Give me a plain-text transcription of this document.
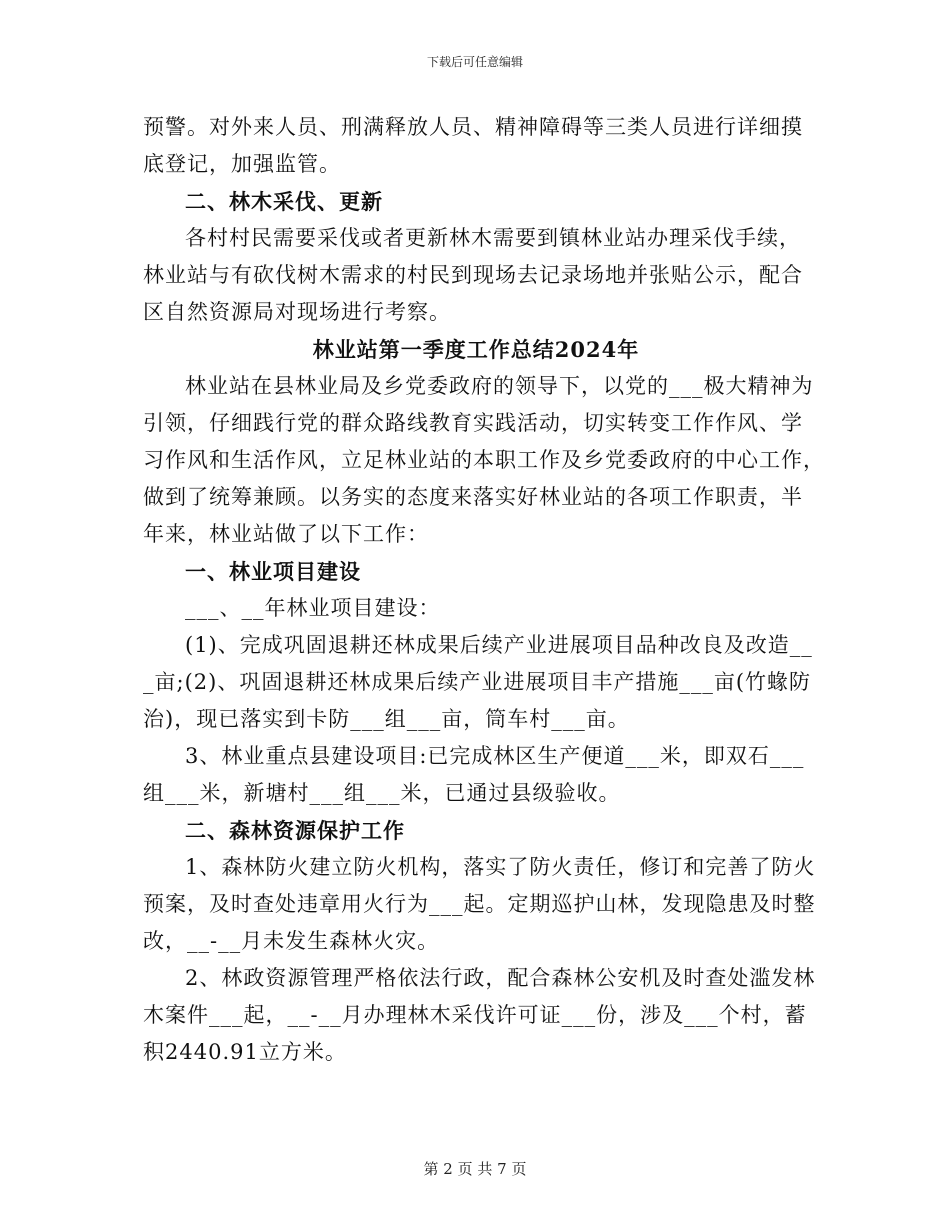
下载后可任意编辑
预警。对外来人员、刑满释放人员、精神障碍等三类人员进行详细摸
底登记，加强监管。
二、林木采伐、更新
各村村民需要采伐或者更新林木需要到镇林业站办理采伐手续，
林业站与有砍伐树木需求的村民到现场去记录场地并张贴公示，配合
区自然资源局对现场进行考察。
林业站第一季度工作总结2024年
林业站在县林业局及乡党委政府的领导下，以党的___极大精神为
引领，仔细践行党的群众路线教育实践活动，切实转变工作作风、学
习作风和生活作风，立足林业站的本职工作及乡党委政府的中心工作，
做到了统筹兼顾。以务实的态度来落实好林业站的各项工作职责，半
年来，林业站做了以下工作：
一、林业项目建设
___、__年林业项目建设：
(1)、完成巩固退耕还林成果后续产业进展项目品种改良及改造__
_亩;(2)、巩固退耕还林成果后续产业进展项目丰产措施___亩(竹蝝防
治)，现已落实到卡防___组___亩，筒车村___亩。
3、林业重点县建设项目:已完成林区生产便道___米，即双石___
组___米，新塘村___组___米，已通过县级验收。
二、森林资源保护工作
1、森林防火建立防火机构，落实了防火责任，修订和完善了防火
预案，及时查处违章用火行为___起。定期巡护山林，发现隐患及时整
改，__-__月未发生森林火灾。
2、林政资源管理严格依法行政，配合森林公安机及时查处滥发林
木案件___起，__-__月办理林木采伐许可证___份，涉及___个村，蓄
积2440.91立方米。
第 2 页 共 7 页
